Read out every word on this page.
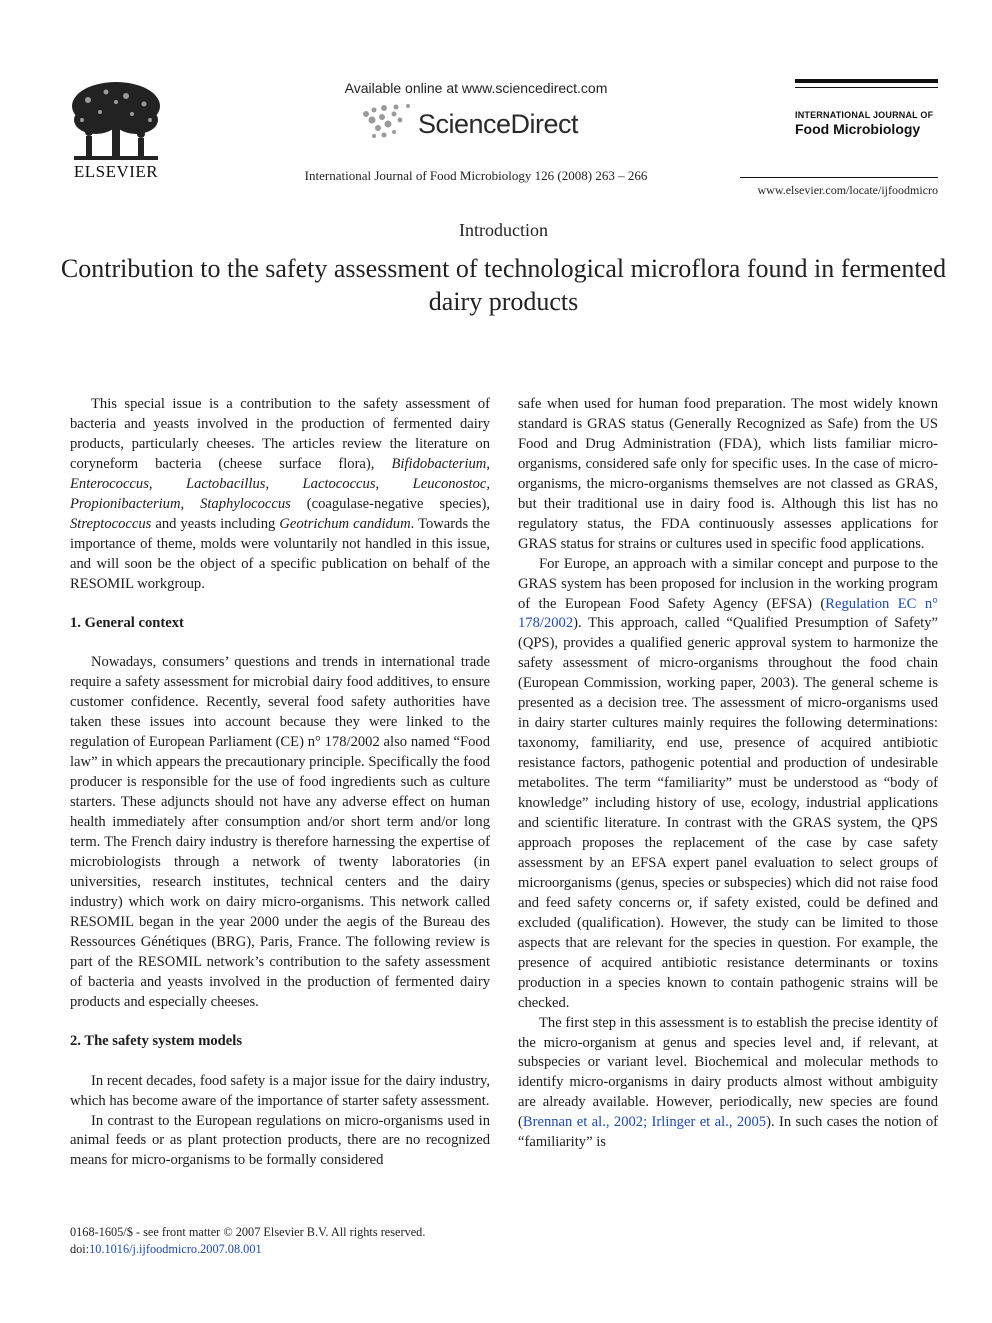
ELSEVIER
Available online at www.sciencedirect.com
ScienceDirect
International Journal of Food Microbiology 126 (2008) 263 – 266
INTERNATIONAL JOURNAL OF
Food Microbiology
www.elsevier.com/locate/ijfoodmicro
Introduction
Contribution to the safety assessment of technological microflora found in fermented dairy products

This special issue is a contribution to the safety assessment of bacteria and yeasts involved in the production of fermented dairy products, particularly cheeses. The articles review the literature on coryneform bacteria (cheese surface flora), Bifidobacterium, Enterococcus, Lactobacillus, Lactococcus, Leuconostoc, Propionibacterium, Staphylococcus (coagulase-negative species), Streptococcus and yeasts including Geotrichum candidum. Towards the importance of theme, molds were voluntarily not handled in this issue, and will soon be the object of a specific publication on behalf of the RESOMIL workgroup.

1. General context

Nowadays, consumers’ questions and trends in international trade require a safety assessment for microbial dairy food additives, to ensure customer confidence. Recently, several food safety authorities have taken these issues into account because they were linked to the regulation of European Parliament (CE) n° 178/2002 also named “Food law” in which appears the precautionary principle. Specifically the food producer is responsible for the use of food ingredients such as culture starters. These adjuncts should not have any adverse effect on human health immediately after consumption and/or short term and/or long term. The French dairy industry is therefore harnessing the expertise of microbiologists through a network of twenty laboratories (in universities, research institutes, technical centers and the dairy industry) which work on dairy micro-organisms. This network called RESOMIL began in the year 2000 under the aegis of the Bureau des Ressources Génétiques (BRG), Paris, France. The following review is part of the RESOMIL network’s contribution to the safety assessment of bacteria and yeasts involved in the production of fermented dairy products and especially cheeses.

2. The safety system models

In recent decades, food safety is a major issue for the dairy industry, which has become aware of the importance of starter safety assessment.

In contrast to the European regulations on micro-organisms used in animal feeds or as plant protection products, there are no recognized means for micro-organisms to be formally considered

safe when used for human food preparation. The most widely known standard is GRAS status (Generally Recognized as Safe) from the US Food and Drug Administration (FDA), which lists familiar micro-organisms, considered safe only for specific uses. In the case of micro-organisms, the micro-organisms themselves are not classed as GRAS, but their traditional use in dairy food is. Although this list has no regulatory status, the FDA continuously assesses applications for GRAS status for strains or cultures used in specific food applications.

For Europe, an approach with a similar concept and purpose to the GRAS system has been proposed for inclusion in the working program of the European Food Safety Agency (EFSA) (Regulation EC n° 178/2002). This approach, called “Qualified Presumption of Safety” (QPS), provides a qualified generic approval system to harmonize the safety assessment of micro-organisms throughout the food chain (European Commission, working paper, 2003). The general scheme is presented as a decision tree. The assessment of micro-organisms used in dairy starter cultures mainly requires the following determinations: taxonomy, familiarity, end use, presence of acquired antibiotic resistance factors, pathogenic potential and production of undesirable metabolites. The term “familiarity” must be understood as “body of knowledge” including history of use, ecology, industrial applications and scientific literature. In contrast with the GRAS system, the QPS approach proposes the replacement of the case by case safety assessment by an EFSA expert panel evaluation to select groups of microorganisms (genus, species or subspecies) which did not raise food and feed safety concerns or, if safety existed, could be defined and excluded (qualification). However, the study can be limited to those aspects that are relevant for the species in question. For example, the presence of acquired antibiotic resistance determinants or toxins production in a species known to contain pathogenic strains will be checked.

The first step in this assessment is to establish the precise identity of the micro-organism at genus and species level and, if relevant, at subspecies or variant level. Biochemical and molecular methods to identify micro-organisms in dairy products almost without ambiguity are already available. However, periodically, new species are found (Brennan et al., 2002; Irlinger et al., 2005). In such cases the notion of “familiarity” is

0168-1605/$ - see front matter © 2007 Elsevier B.V. All rights reserved.
doi:10.1016/j.ijfoodmicro.2007.08.001
